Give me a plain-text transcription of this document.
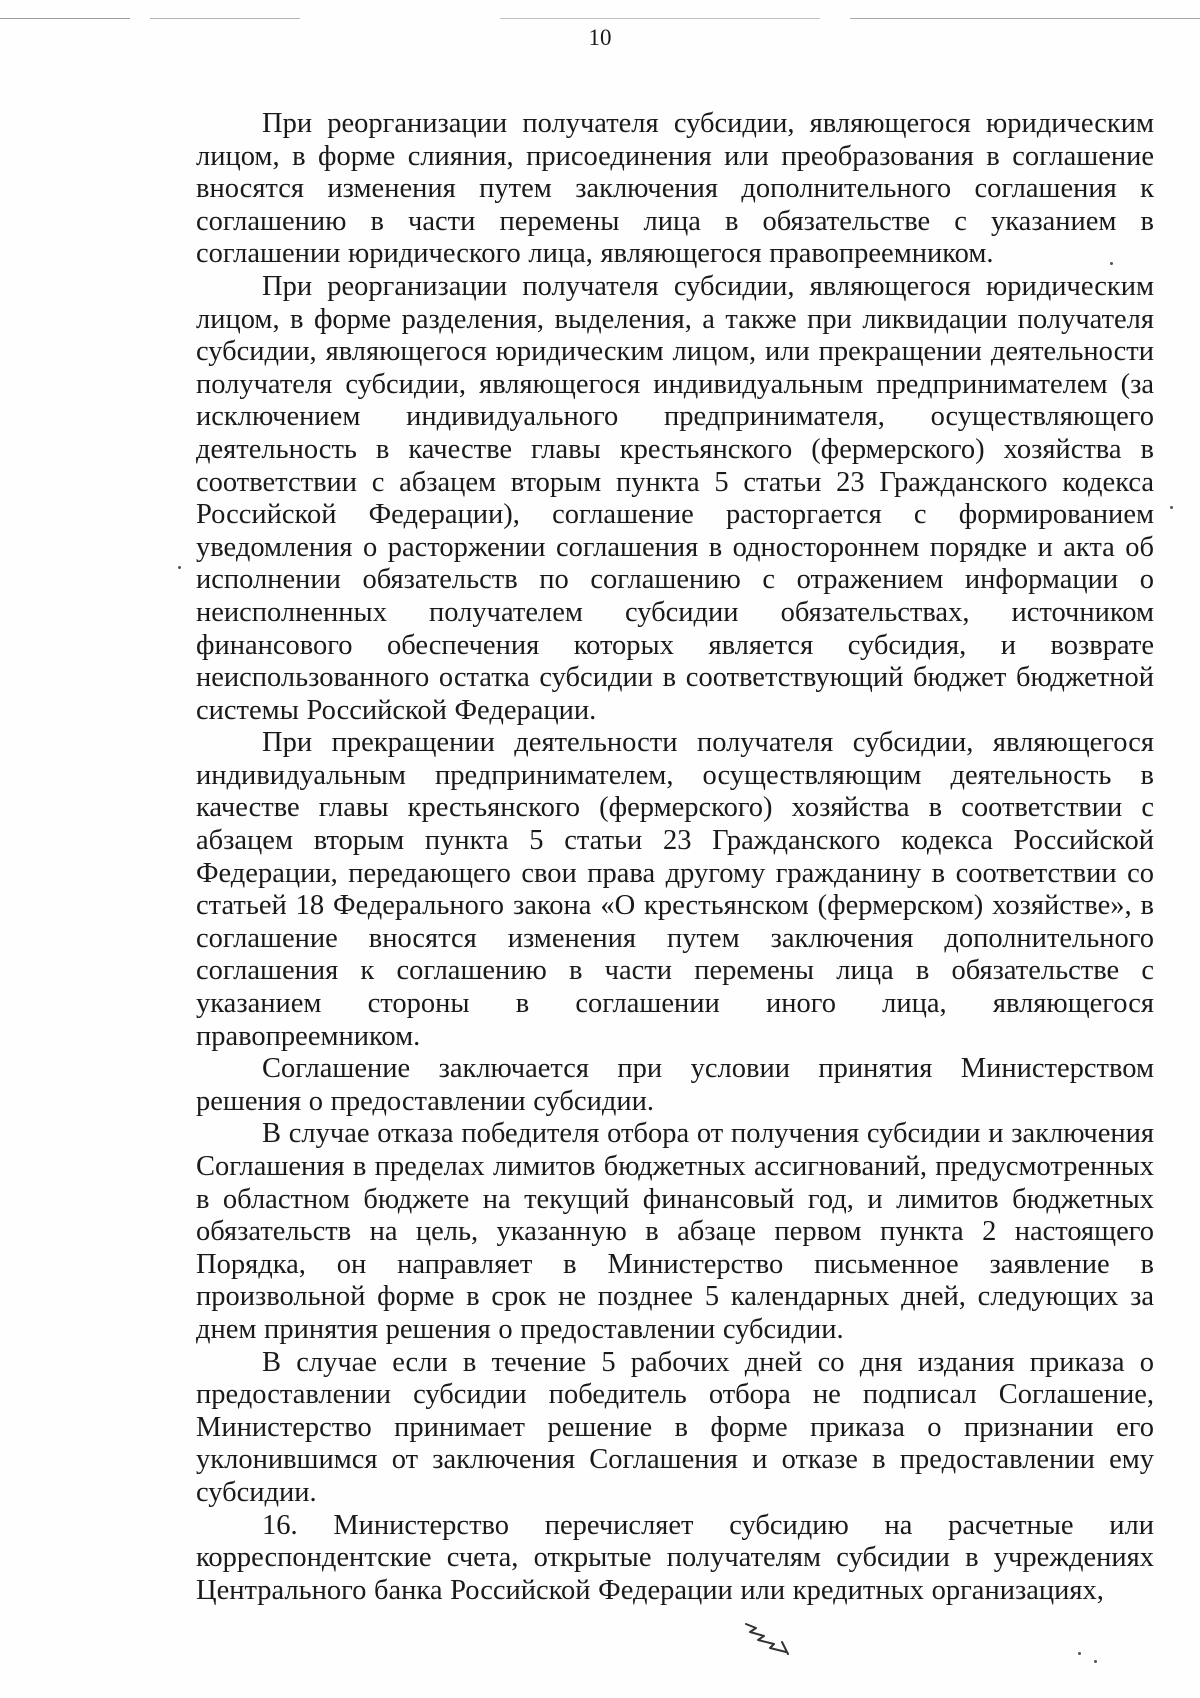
10

При реорганизации получателя субсидии, являющегося юридическим лицом, в форме слияния, присоединения или преобразования в соглашение вносятся изменения путем заключения дополнительного соглашения к соглашению в части перемены лица в обязательстве с указанием в соглашении юридического лица, являющегося правопреемником.

При реорганизации получателя субсидии, являющегося юридическим лицом, в форме разделения, выделения, а также при ликвидации получателя субсидии, являющегося юридическим лицом, или прекращении деятельности получателя субсидии, являющегося индивидуальным предпринимателем (за исключением индивидуального предпринимателя, осуществляющего деятельность в качестве главы крестьянского (фермерского) хозяйства в соответствии с абзацем вторым пункта 5 статьи 23 Гражданского кодекса Российской Федерации), соглашение расторгается с формированием уведомления о расторжении соглашения в одностороннем порядке и акта об исполнении обязательств по соглашению с отражением информации о неисполненных получателем субсидии обязательствах, источником финансового обеспечения которых является субсидия, и возврате неиспользованного остатка субсидии в соответствующий бюджет бюджетной системы Российской Федерации.

При прекращении деятельности получателя субсидии, являющегося индивидуальным предпринимателем, осуществляющим деятельность в качестве главы крестьянского (фермерского) хозяйства в соответствии с абзацем вторым пункта 5 статьи 23 Гражданского кодекса Российской Федерации, передающего свои права другому гражданину в соответствии со статьей 18 Федерального закона «О крестьянском (фермерском) хозяйстве», в соглашение вносятся изменения путем заключения дополнительного соглашения к соглашению в части перемены лица в обязательстве с указанием стороны в соглашении иного лица, являющегося правопреемником.

Соглашение заключается при условии принятия Министерством решения о предоставлении субсидии.

В случае отказа победителя отбора от получения субсидии и заключения Соглашения в пределах лимитов бюджетных ассигнований, предусмотренных в областном бюджете на текущий финансовый год, и лимитов бюджетных обязательств на цель, указанную в абзаце первом пункта 2 настоящего Порядка, он направляет в Министерство письменное заявление в произвольной форме в срок не позднее 5 календарных дней, следующих за днем принятия решения о предоставлении субсидии.

В случае если в течение 5 рабочих дней со дня издания приказа о предоставлении субсидии победитель отбора не подписал Соглашение, Министерство принимает решение в форме приказа о признании его уклонившимся от заключения Соглашения и отказе в предоставлении ему субсидии.

16. Министерство перечисляет субсидию на расчетные или корреспондентские счета, открытые получателям субсидии в учреждениях Центрального банка Российской Федерации или кредитных организациях,
